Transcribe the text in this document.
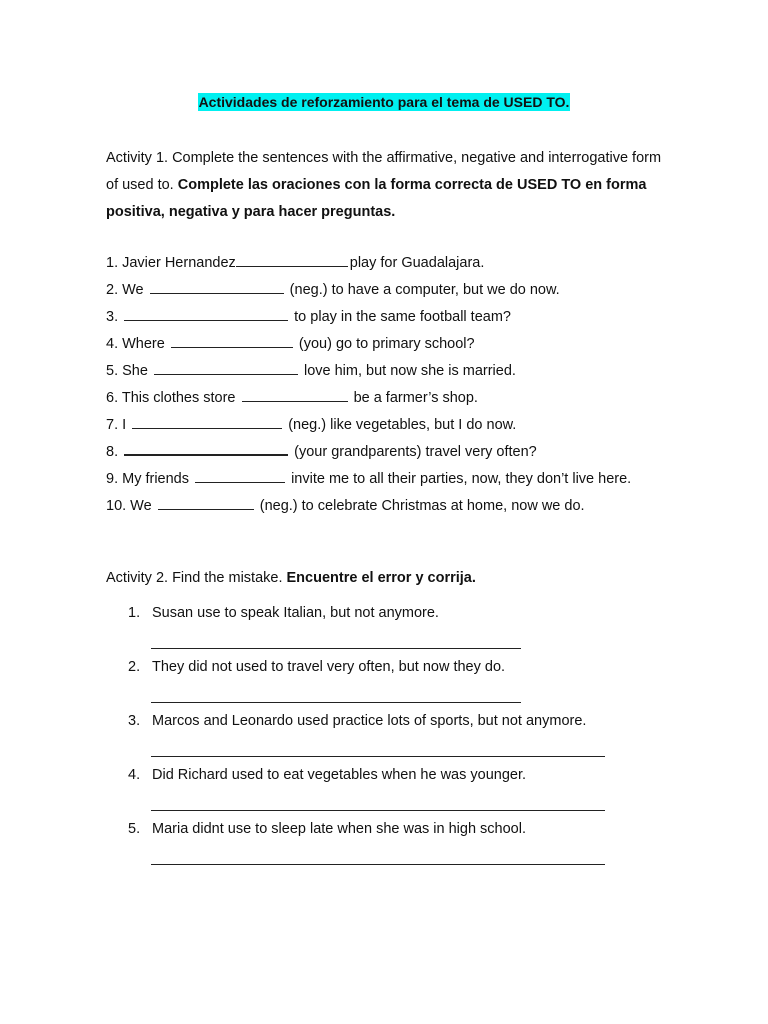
Actividades de reforzamiento para el tema de USED TO.
Activity 1. Complete the sentences with the affirmative, negative and interrogative form of used to. Complete las oraciones con la forma correcta de USED TO en forma positiva, negativa y para hacer preguntas.
1. Javier Hernandez	play for Guadalajara.
2. We	(neg.) to have a computer, but we do now.
3.	to play in the same football team?
4. Where	(you) go to primary school?
5. She	love him, but now she is married.
6. This clothes store	be a farmer’s shop.
7. I	(neg.) like vegetables, but I do now.
8.	(your grandparents) travel very often?
9. My friends	invite me to all their parties, now, they don’t live here.
10. We	(neg.) to celebrate Christmas at home, now we do.
Activity 2. Find the mistake. Encuentre el error y corrija.
1. Susan use to speak Italian, but not anymore.
2. They did not used to travel very often, but now they do.
3. Marcos and Leonardo used practice lots of sports, but not anymore.
4. Did Richard used to eat vegetables when he was younger.
5. Maria didnt use to sleep late when she was in high school.
